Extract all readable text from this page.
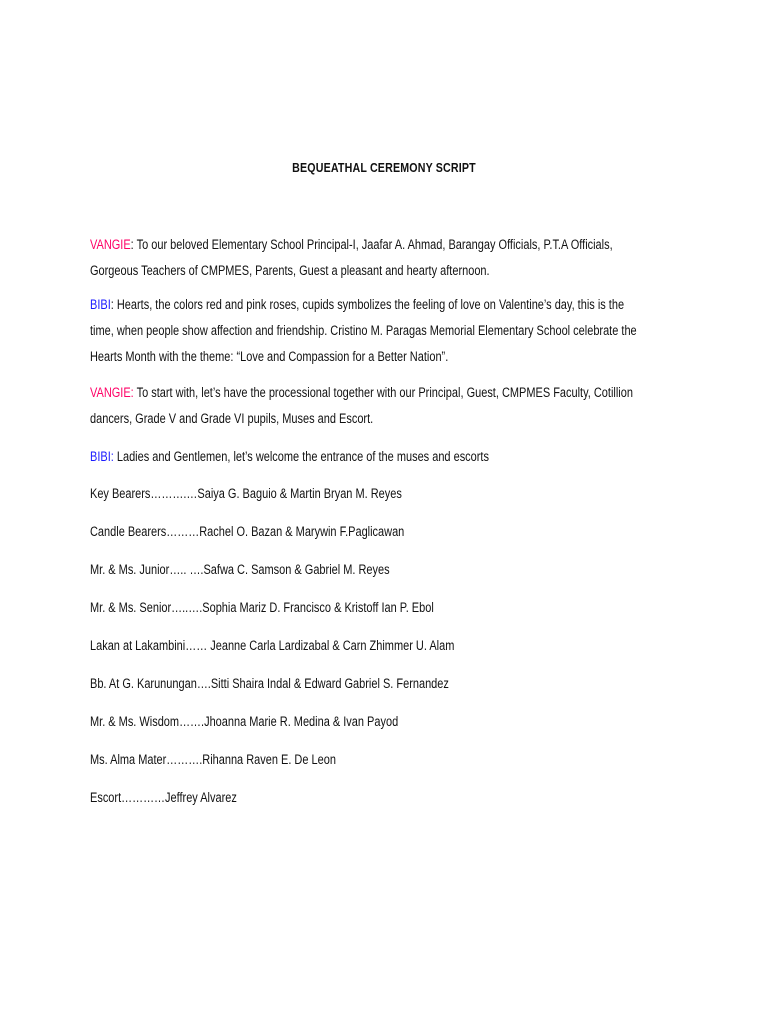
BEQUEATHAL CEREMONY SCRIPT
VANGIE: To our beloved Elementary School Principal-I, Jaafar A. Ahmad, Barangay Officials, P.T.A Officials,
Gorgeous Teachers of CMPMES, Parents, Guest a pleasant and hearty afternoon.
BIBI: Hearts, the colors red and pink roses, cupids symbolizes the feeling of love on Valentine’s day, this is the
time, when people show affection and friendship. Cristino M. Paragas Memorial Elementary School celebrate the
Hearts Month with the theme: “Love and Compassion for a Better Nation”.
VANGIE: To start with, let’s have the processional together with our Principal, Guest, CMPMES Faculty, Cotillion
dancers, Grade V and Grade VI pupils, Muses and Escort.
BIBI: Ladies and Gentlemen, let’s welcome the entrance of the muses and escorts
Key Bearers……….…Saiya G. Baguio & Martin Bryan M. Reyes
Candle Bearers………Rachel O. Bazan & Marywin F.Paglicawan
Mr. & Ms. Junior….. ….Safwa C. Samson & Gabriel M. Reyes
Mr. & Ms. Senior…..….Sophia Mariz D. Francisco & Kristoff Ian P. Ebol
Lakan at Lakambini…… Jeanne Carla Lardizabal & Carn Zhimmer U. Alam
Bb. At G. Karunungan….Sitti Shaira Indal & Edward Gabriel S. Fernandez
Mr. & Ms. Wisdom…….Jhoanna Marie R. Medina & Ivan Payod
Ms. Alma Mater……….Rihanna Raven E. De Leon
Escort…………Jeffrey Alvarez
